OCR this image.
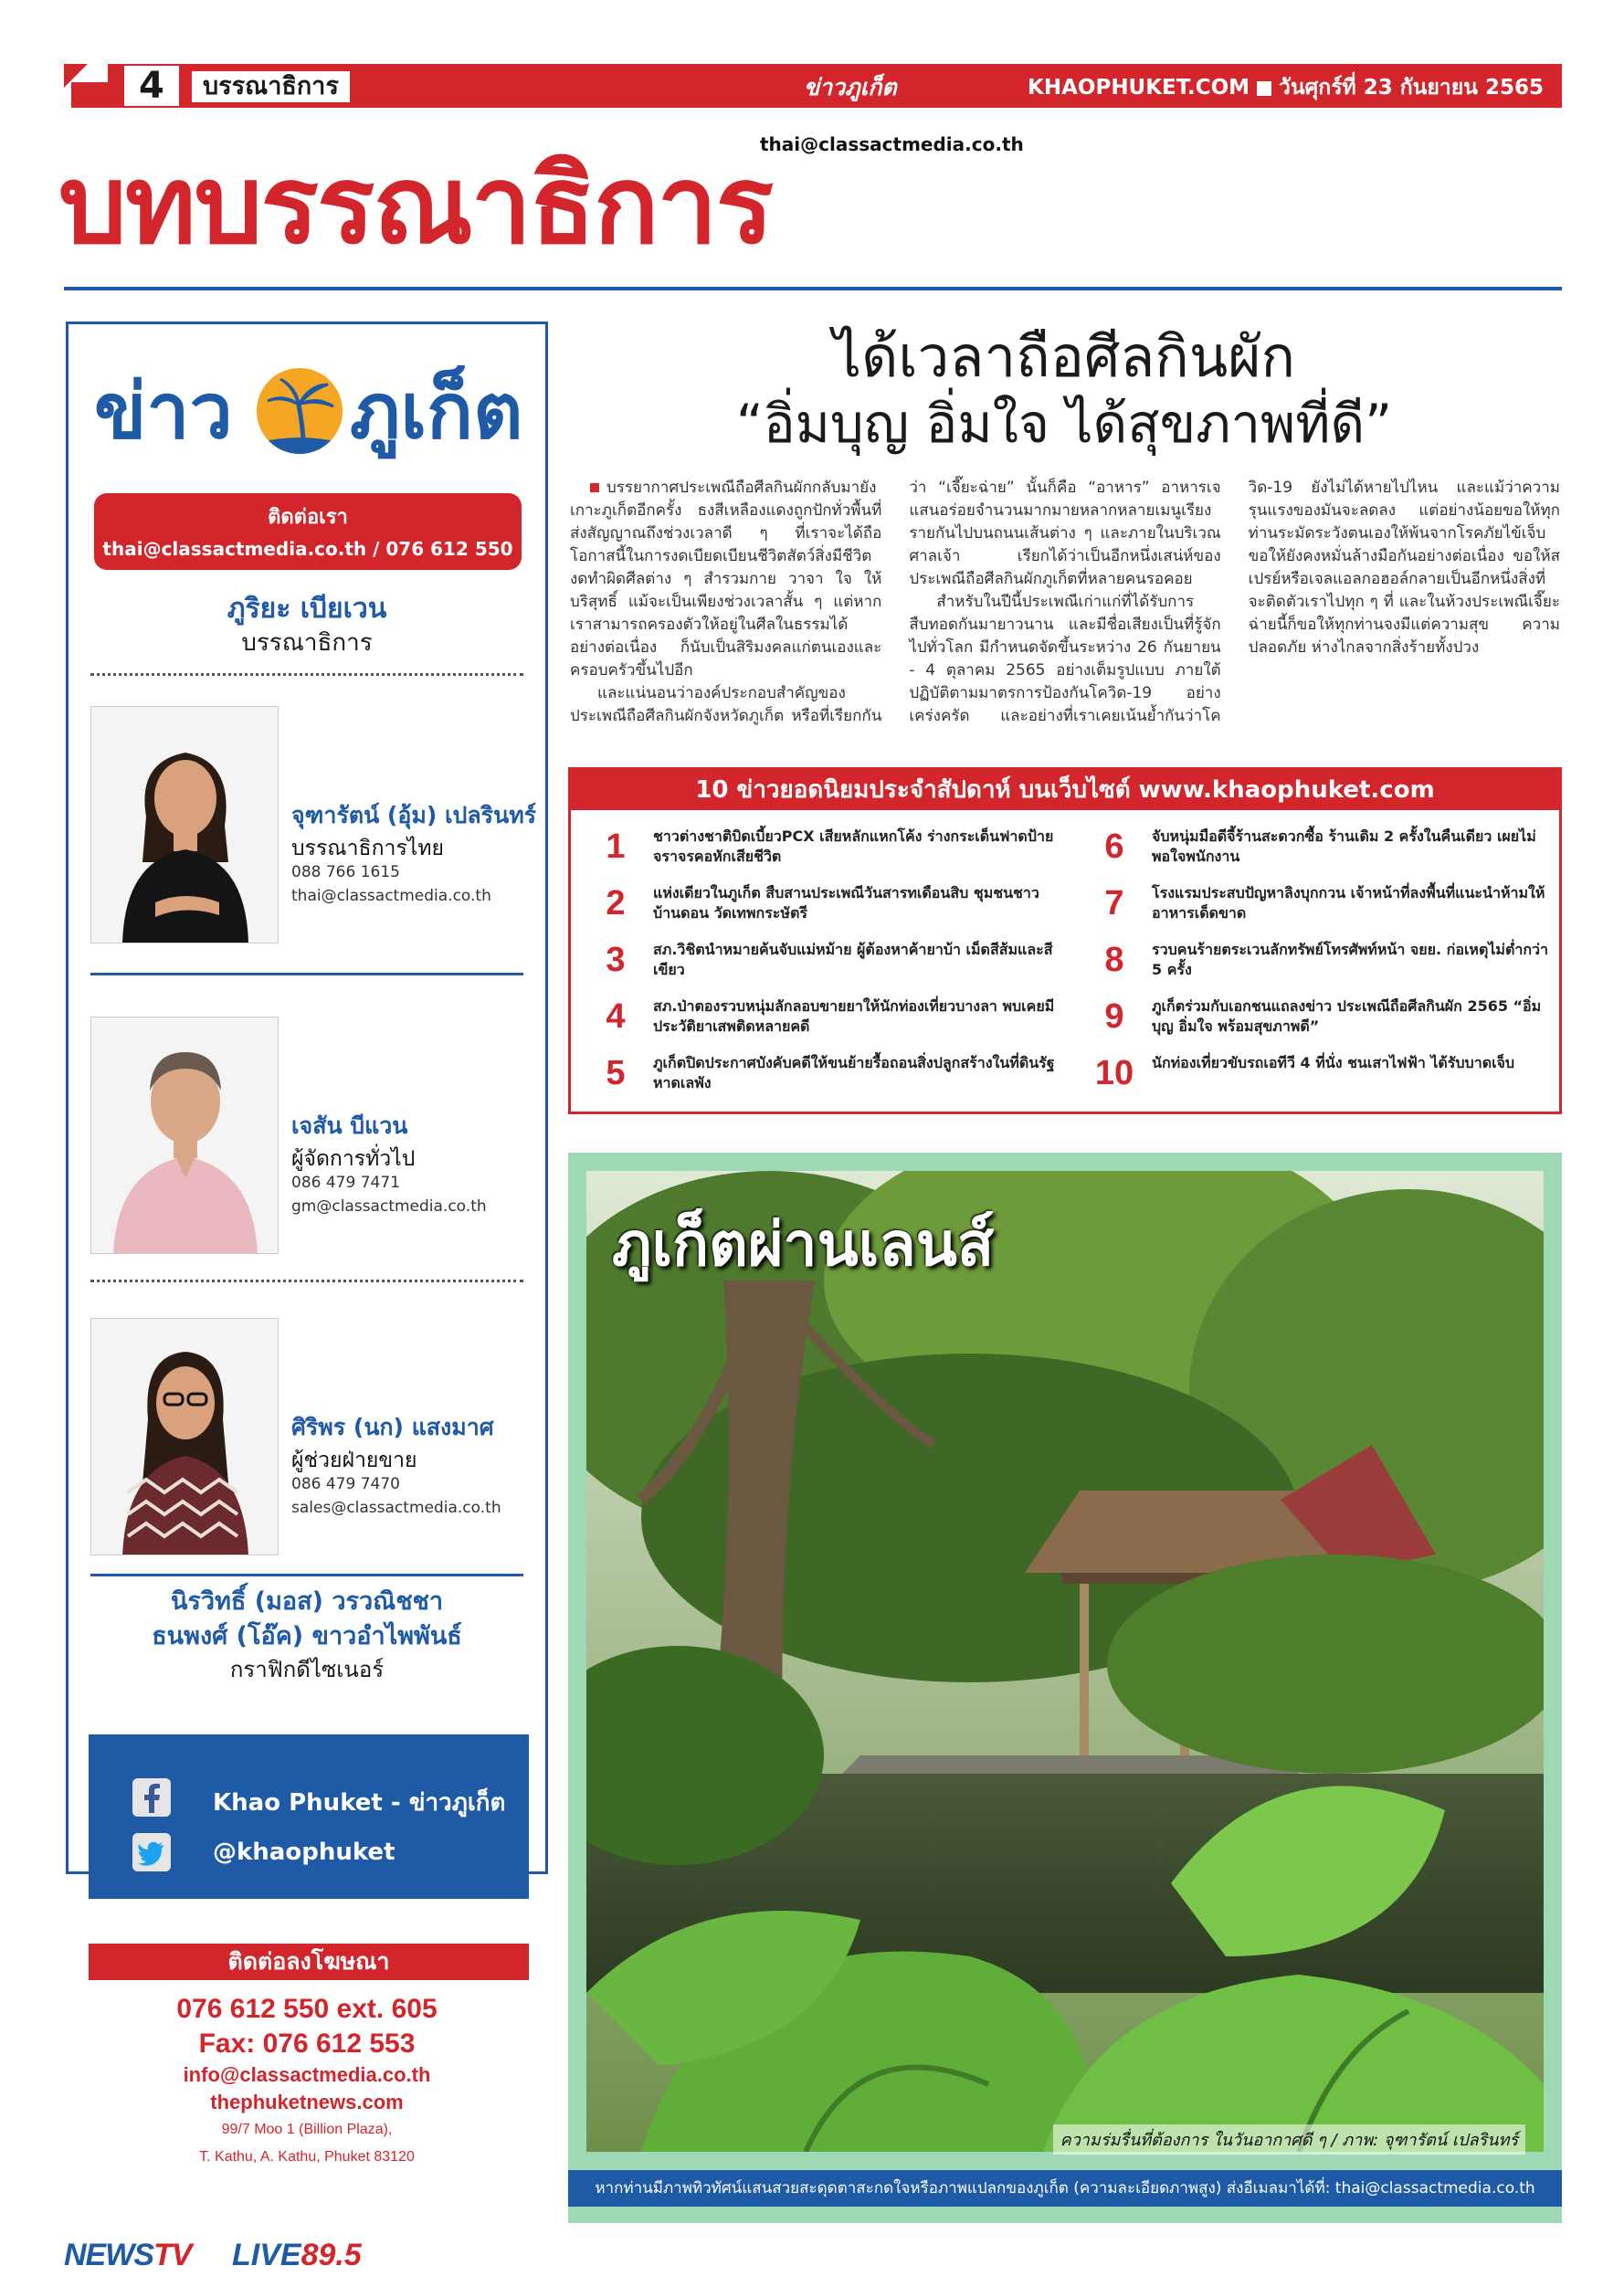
4	บรรณาธิการ	ข่าวภูเก็ต	KHAOPHUKET.COM วันศุกร์ที่ 23 กันยายน 2565
thai@classactmedia.co.th
บทบรรณาธิการ
ข่าว ภูเก็ต
ติดต่อเรา
thai@classactmedia.co.th / 076 612 550
ภูริยะ เบียเวน
บรรณาธิการ
จุฑารัตน์ (อุ้ม) เปลรินทร์
บรรณาธิการไทย
088 766 1615
thai@classactmedia.co.th
เจสัน บีแวน
ผู้จัดการทั่วไป
086 479 7471
gm@classactmedia.co.th
ศิริพร (นก) แสงมาศ
ผู้ช่วยฝ่ายขาย
086 479 7470
sales@classactmedia.co.th
นิรวิทธิ์ (มอส) วรวณิชชา
ธนพงศ์ (โอ๊ค) ขาวอำไพพันธ์
กราฟิกดีไซเนอร์
Khao Phuket - ข่าวภูเก็ต
@khaophuket
ติดต่อลงโฆษณา
076 612 550 ext. 605
Fax: 076 612 553
info@classactmedia.co.th
thephuketnews.com
99/7 Moo 1 (Billion Plaza),
T. Kathu, A. Kathu, Phuket 83120
ได้เวลาถือศีลกินผัก
“อิ่มบุญ อิ่มใจ ได้สุขภาพที่ดี”

บรรยากาศประเพณีถือศีลกินผักกลับมายังเกาะภูเก็ตอีกครั้ง ธงสีเหลืองแดงถูกปักทั่วพื้นที่ส่งสัญญาณถึงช่วงเวลาดี ๆ ที่เราจะได้ถือโอกาสนี้ในการงดเบียดเบียนชีวิตสัตว์สิ่งมีชีวิต งดทำผิดศีลต่าง ๆ สำรวมกาย วาจา ใจ ให้บริสุทธิ์ แม้จะเป็นเพียงช่วงเวลาสั้น ๆ แต่หากเราสามารถครองตัวให้อยู่ในศีลในธรรมได้อย่างต่อเนื่อง ก็นับเป็นสิริมงคลแก่ตนเองและครอบครัวขึ้นไปอีก

และแน่นอนว่าองค์ประกอบสำคัญของประเพณีถือศีลกินผักจังหวัดภูเก็ต หรือที่เรียกกันว่า “เจี๊ยะฉ่าย” นั้นก็คือ “อาหาร” อาหารเจแสนอร่อยจำนวนมากมายหลากหลายเมนูเรียงรายกันไปบนถนนเส้นต่าง ๆ และภายในบริเวณศาลเจ้า เรียกได้ว่าเป็นอีกหนึ่งเสน่ห์ของประเพณีถือศีลกินผักภูเก็ตที่หลายคนรอคอย

สำหรับในปีนี้ประเพณีเก่าแก่ที่ได้รับการสืบทอดกันมายาวนาน และมีชื่อเสียงเป็นที่รู้จักไปทั่วโลก มีกำหนดจัดขึ้นระหว่าง 26 กันยายน - 4 ตุลาคม 2565 อย่างเต็มรูปแบบ ภายใต้ปฏิบัติตามมาตรการป้องกันโควิด-19 อย่างเคร่งครัด และอย่างที่เราเคยเน้นย้ำกันว่าโควิด-19 ยังไม่ได้หายไปไหน และแม้ว่าความรุนแรงของมันจะลดลง แต่อย่างน้อยขอให้ทุกท่านระมัดระวังตนเองให้พ้นจากโรคภัยไข้เจ็บ ขอให้ยังคงหมั่นล้างมือกันอย่างต่อเนื่อง ขอให้สเปรย์หรือเจลแอลกอฮอล์กลายเป็นอีกหนึ่งสิ่งที่จะติดตัวเราไปทุก ๆ ที่ และในห้วงประเพณีเจี๊ยะฉ่ายนี้ก็ขอให้ทุกท่านจงมีแต่ความสุข ความปลอดภัย ห่างไกลจากสิ่งร้ายทั้งปวง

10 ข่าวยอดนิยมประจำสัปดาห์ บนเว็บไซต์ www.khaophuket.com
1	ชาวต่างชาติบิดเบี้ยวPCX เสียหลักแหกโค้ง ร่างกระเด็นฟาดป้ายจราจรคอหักเสียชีวิต
2	แห่งเดียวในภูเก็ต สืบสานประเพณีวันสารทเดือนสิบ ชุมชนชาวบ้านดอน วัดเทพกระษัตรี
3	สภ.วิชิตนำหมายค้นจับแม่หม้าย ผู้ต้องหาค้ายาบ้า เม็ดสีส้มและสีเขียว
4	สภ.ป่าตองรวบหนุ่มลักลอบขายยาให้นักท่องเที่ยวบางลา พบเคยมีประวัติยาเสพติดหลายคดี
5	ภูเก็ตปิดประกาศบังคับคดีให้ขนย้ายรื้อถอนสิ่งปลูกสร้างในที่ดินรัฐหาดเลพัง
6	จับหนุ่มมือดีจี้ร้านสะดวกซื้อ ร้านเดิม 2 ครั้งในคืนเดียว เผยไม่พอใจพนักงาน
7	โรงแรมประสบปัญหาลิงบุกกวน เจ้าหน้าที่ลงพื้นที่แนะนำห้ามให้อาหารเด็ดขาด
8	รวบคนร้ายตระเวนลักทรัพย์โทรศัพท์หน้า จยย. ก่อเหตุไม่ต่ำกว่า 5 ครั้ง
9	ภูเก็ตร่วมกับเอกชนแถลงข่าว ประเพณีถือศีลกินผัก 2565 “อิ่มบุญ อิ่มใจ พร้อมสุขภาพดี”
10	นักท่องเที่ยวขับรถเอทีวี 4 ที่นั่ง ชนเสาไฟฟ้า ได้รับบาดเจ็บ
ภูเก็ตผ่านเลนส์
ความร่มรื่นที่ต้องการ ในวันอากาศดี ๆ / ภาพ: จุฑารัตน์ เปลรินทร์
หากท่านมีภาพทิวทัศน์แสนสวยสะดุดตาสะกดใจหรือภาพแปลกของภูเก็ต (ความละเอียดภาพสูง) ส่งอีเมลมาได้ที่: thai@classactmedia.co.th
NEWSTV LIVE89.5
